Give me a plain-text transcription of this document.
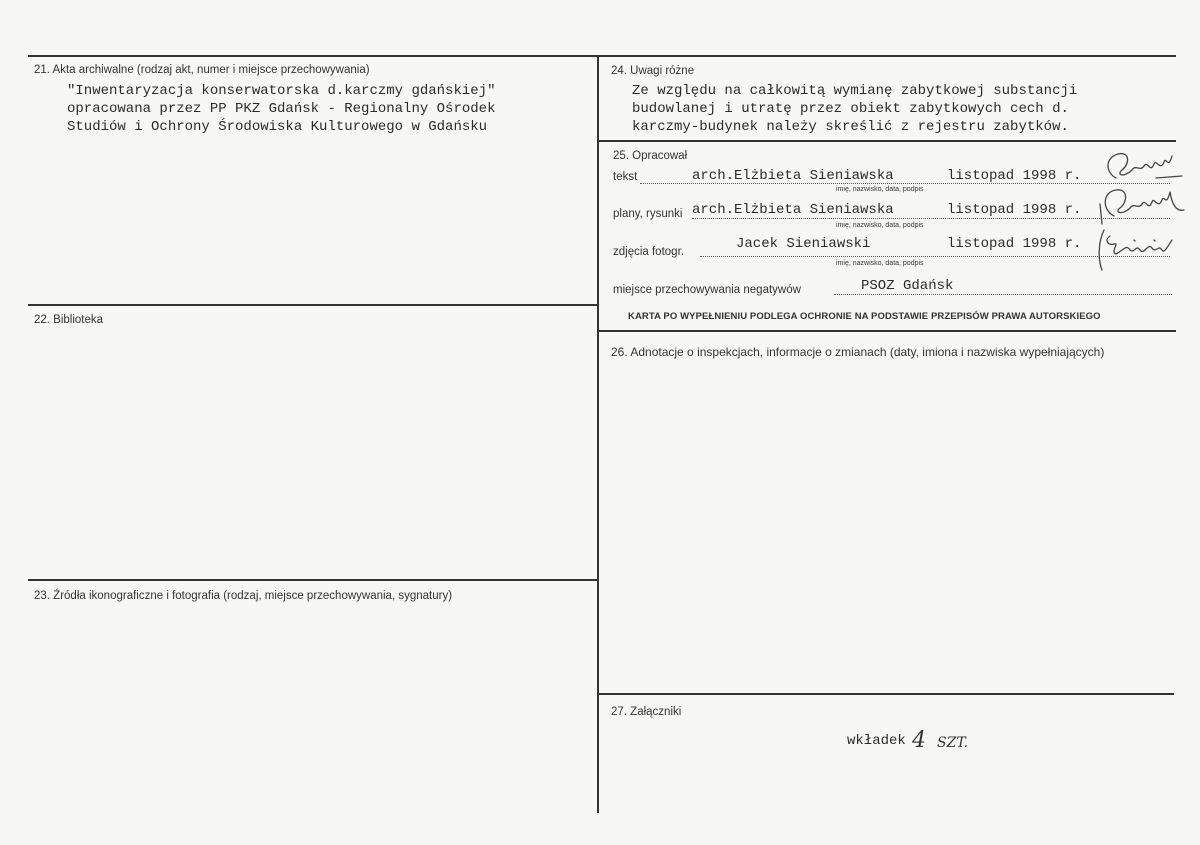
21. Akta archiwalne (rodzaj akt, numer i miejsce przechowywania)
"Inwentaryzacja konserwatorska d.karczmy gdańskiej"
opracowana przez PP PKZ Gdańsk - Regionalny Ośrodek
Studiów i Ochrony Środowiska Kulturowego w Gdańsku
22. Biblioteka
23. Źródła ikonograficzne i fotografia (rodzaj, miejsce przechowywania, sygnatury)
24. Uwagi różne
Ze względu na całkowitą wymianę zabytkowej substancji
budowlanej i utratę przez obiekt zabytkowych cech d.
karczmy-budynek należy skreślić z rejestru zabytków.
25. Opracował
tekst	arch.Elżbieta Sieniawska	listopad 1998 r.
imię, nazwisko, data, podpis
plany, rysunki arch.Elżbieta Sieniawska	listopad 1998 r.
imię, nazwisko, data, podpis
zdjęcia fotogr.	Jacek Sieniawski	listopad 1998 r.
imię, nazwisko, data, podpis
miejsce przechowywania negatywów	PSOZ Gdańsk
KARTA PO WYPEŁNIENIU PODLEGA OCHRONIE NA PODSTAWIE PRZEPISÓW PRAWA AUTORSKIEGO
26. Adnotacje o inspekcjach, informacje o zmianach (daty, imiona i nazwiska wypełniających)
27. Załączniki
wkładek 4 SZT.
